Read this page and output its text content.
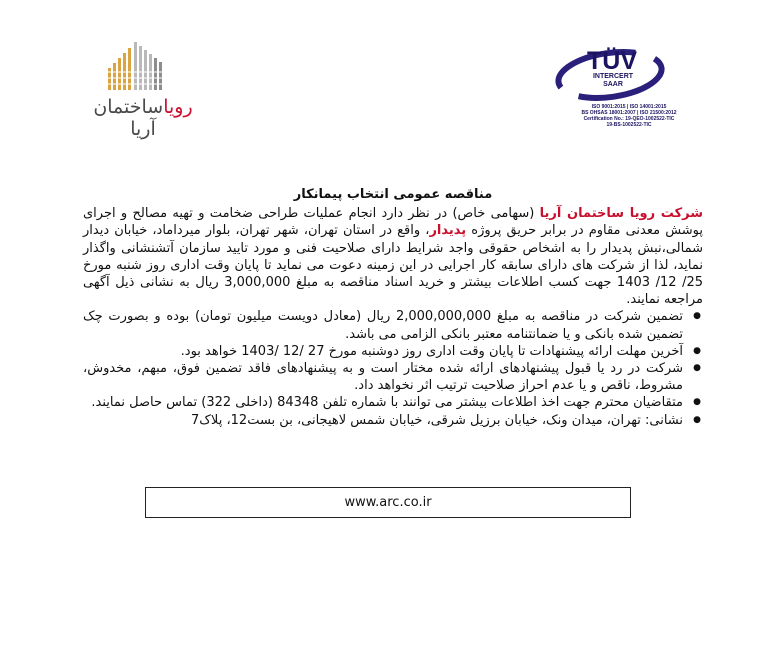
رویاساختمان آریا
TÜV
INTERCERT
SAAR
ISO 9001:2015 | ISO 14001:2015
BS OHSAS 18001:2007 | ISO 21500:2012
Certification No.: 19-QEO-1002522-TIC
19-BS-1002522-TIC
مناقصه عمومی انتخاب پیمانکار
شرکت رویا ساختمان آریا (سهامی خاص) در نظر دارد انجام عملیات طراحی ضخامت و تهیه مصالح و اجرای پوشش معدنی مقاوم در برابر حریق پروژه پدیدار، واقع در استان تهران، شهر تهران، بلوار میرداماد، خیابان دیدار شمالی،نبش پدیدار را به اشخاص حقوقی واجد شرایط دارای صلاحیت فنی و مورد تایید سازمان آتشنشانی واگذار نماید، لذا از شرکت های دارای سابقه کار اجرایی در این زمینه دعوت می نماید تا پایان وقت اداری روز شنبه مورخ 25/ 12/ 1403 جهت کسب اطلاعات بیشتر و خرید اسناد مناقصه به مبلغ 3,000,000 ریال به نشانی ذیل آگهی مراجعه نمایند.
● تضمین شرکت در مناقصه به مبلغ 2,000,000,000 ریال (معادل دویست میلیون تومان) بوده و بصورت چک تضمین شده بانکی و یا ضمانتنامه معتبر بانکی الزامی می باشد.
● آخرین مهلت ارائه پیشنهادات تا پایان وقت اداری روز دوشنبه مورخ 27 /12 /1403 خواهد بود.
● شرکت در رد یا قبول پیشنهادهای ارائه شده مختار است و به پیشنهادهای فاقد تضمین فوق، مبهم، مخدوش، مشروط، ناقص و یا عدم احراز صلاحیت ترتیب اثر نخواهد داد.
● متقاضیان محترم جهت اخذ اطلاعات بیشتر می توانند با شماره تلفن 84348 (داخلی 322) تماس حاصل نمایند.
● نشانی: تهران، میدان ونک، خیابان برزیل شرقی، خیابان شمس لاهیجانی، بن بست12، پلاک7
www.arc.co.ir
